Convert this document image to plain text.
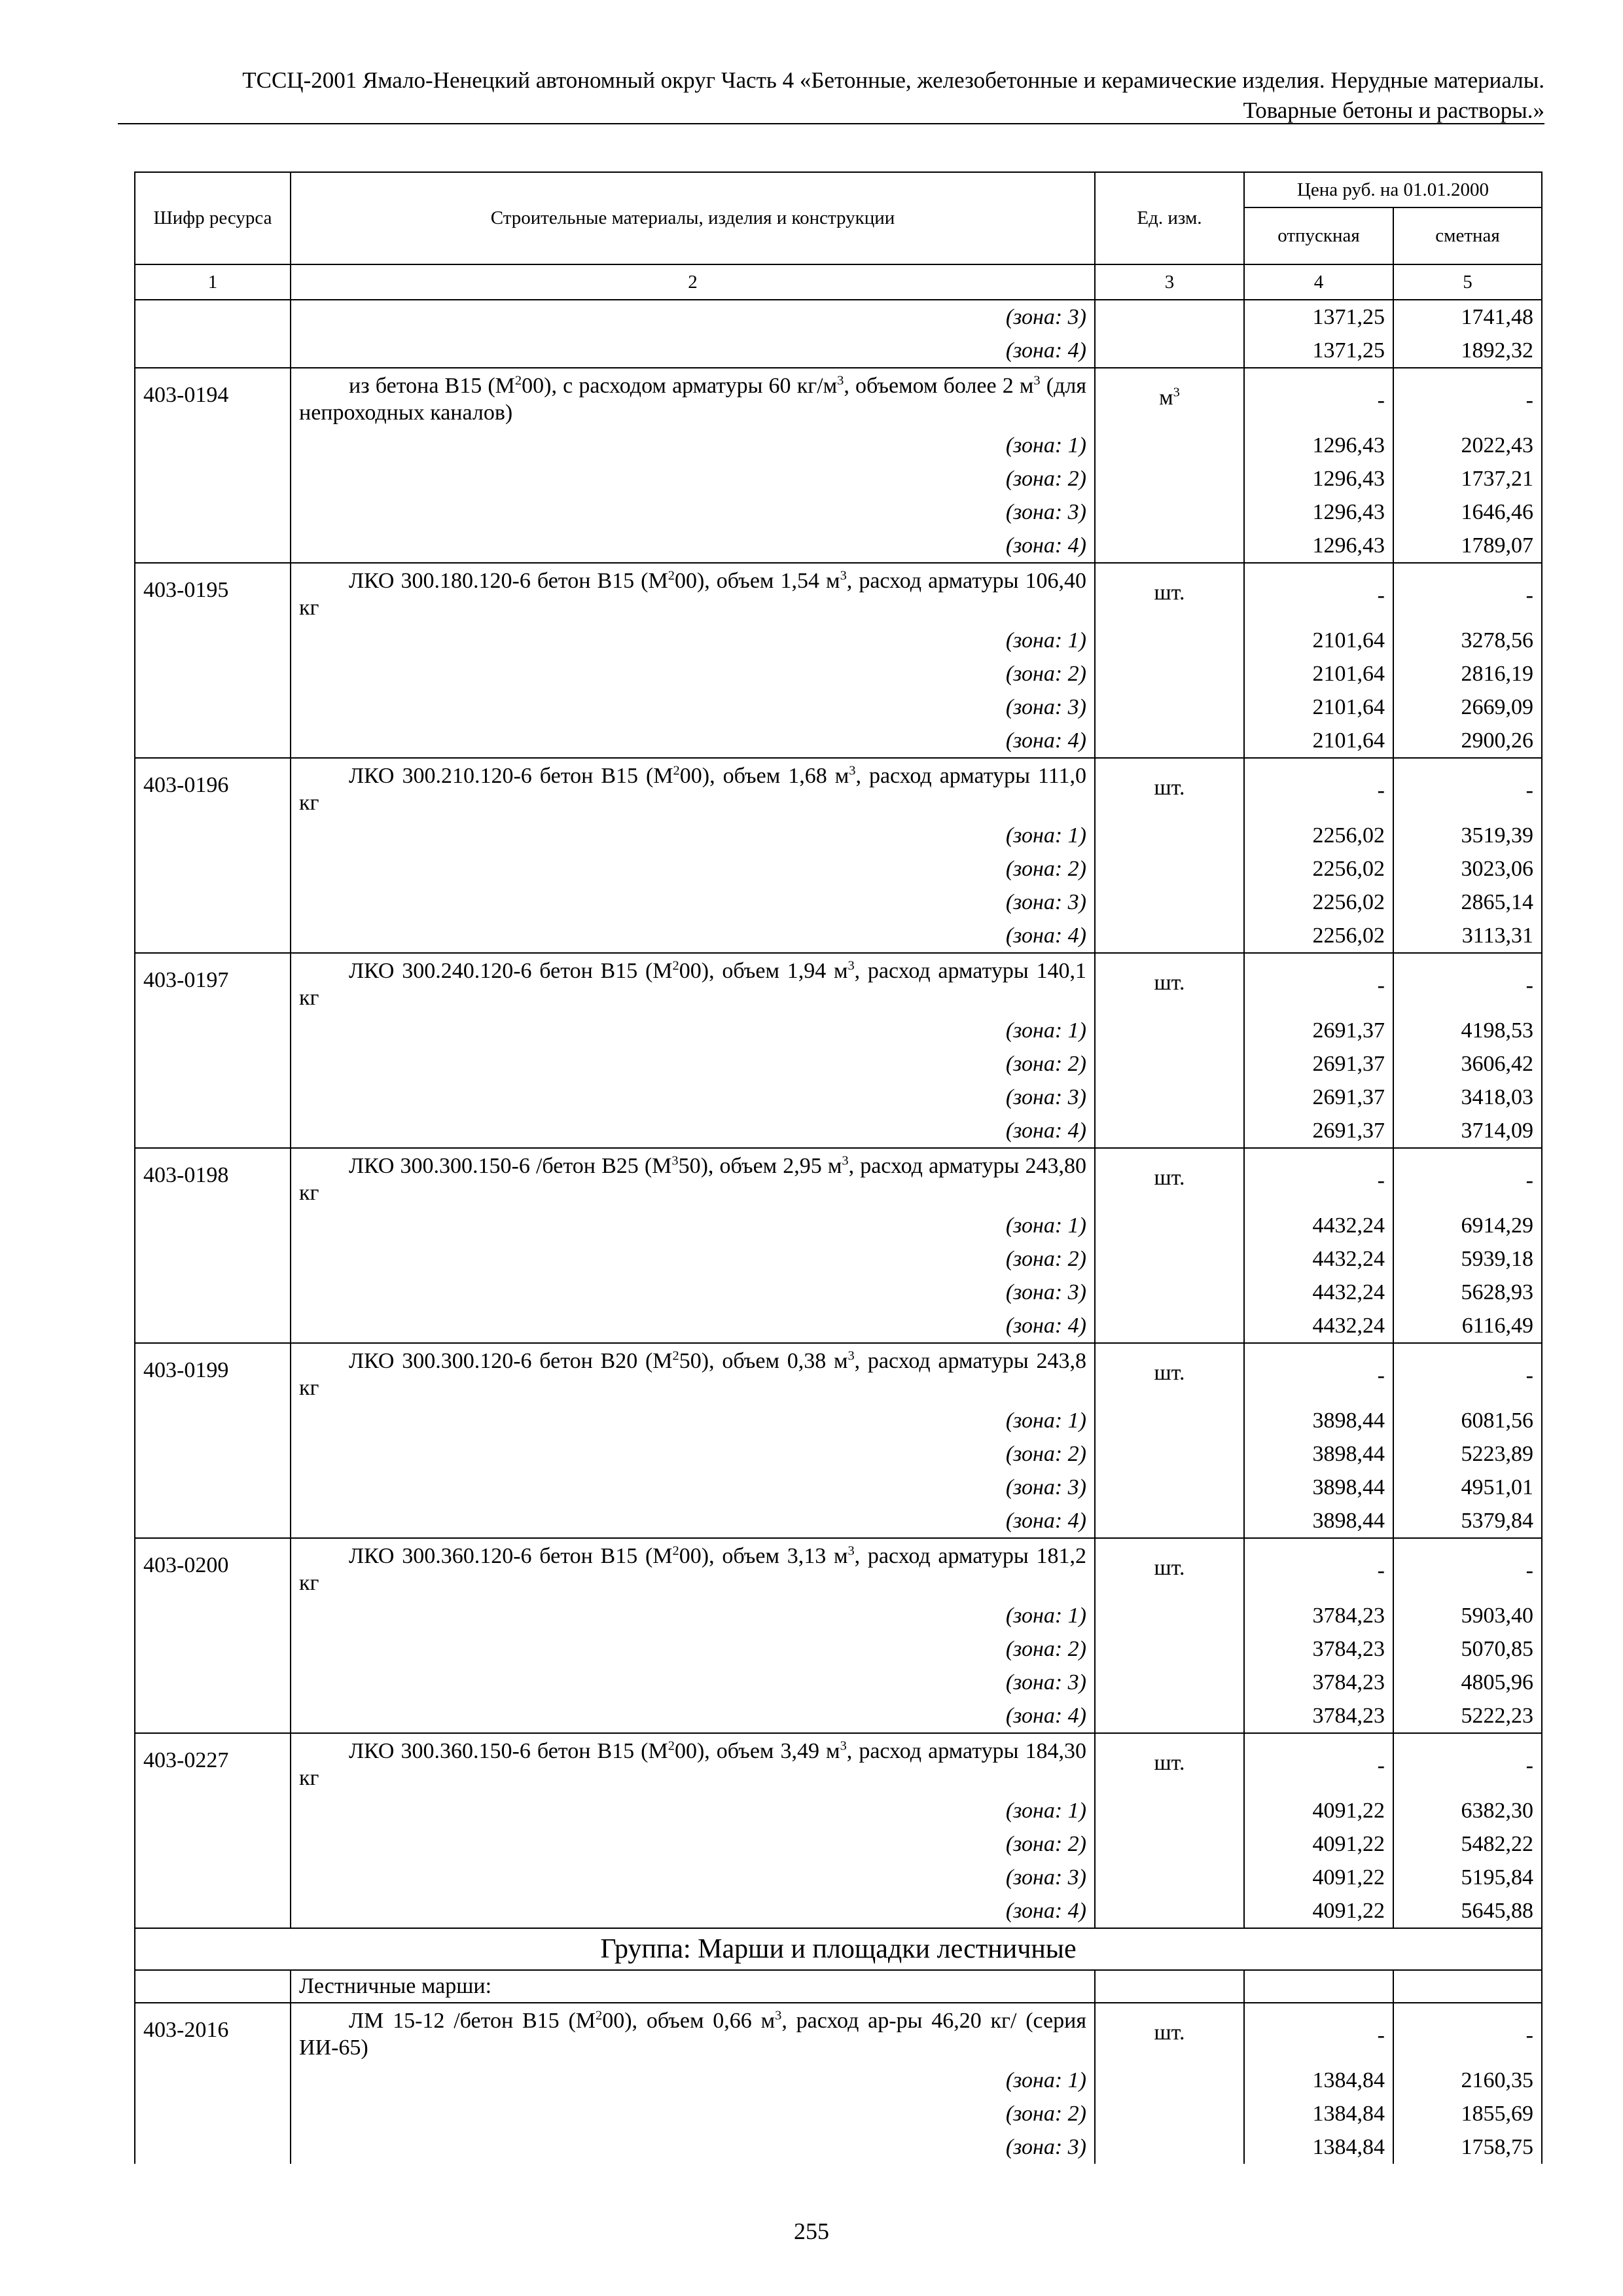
ТССЦ-2001 Ямало-Ненецкий автономный округ Часть 4 «Бетонные, железобетонные и керамические изделия. Нерудные материалы.
Товарные бетоны и растворы.»
Шифр ресурса	Строительные материалы, изделия и конструкции	Ед. изм.	Цена руб. на 01.01.2000	
			отпускная	сметная
1	2	3	4	5
	(зона: 3)		1371,25	1741,48
	(зона: 4)		1371,25	1892,32
403-0194	из бетона В15 $(М^200)$, с расходом арматуры 60 $кг/м^3$, объемом более 2 $м^3$ (для непроходных каналов)	$м^3$	-	-
	(зона: 1)		1296,43	2022,43
	(зона: 2)		1296,43	1737,21
	(зона: 3)		1296,43	1646,46
	(зона: 4)		1296,43	1789,07
403-0195	ЛКО 300.180.120-6 бетон В15 $(М^200)$, объем 1,54 $м^3$, расход арматуры 106,40 кг	шт.	-	-
	(зона: 1)		2101,64	3278,56
	(зона: 2)		2101,64	2816,19
	(зона: 3)		2101,64	2669,09
	(зона: 4)		2101,64	2900,26
403-0196	ЛКО 300.210.120-6 бетон В15 $(М^200)$, объем 1,68 $м^3$, расход арматуры 111,0 кг	шт.	-	-
	(зона: 1)		2256,02	3519,39
	(зона: 2)		2256,02	3023,06
	(зона: 3)		2256,02	2865,14
	(зона: 4)		2256,02	3113,31
403-0197	ЛКО 300.240.120-6 бетон В15 $(М^200)$, объем 1,94 $м^3$, расход арматуры 140,1 кг	шт.	-	-
	(зона: 1)		2691,37	4198,53
	(зона: 2)		2691,37	3606,42
	(зона: 3)		2691,37	3418,03
	(зона: 4)		2691,37	3714,09
403-0198	ЛКО 300.300.150-6 /бетон В25 $(М^350)$, объем 2,95 $м^3$, расход арматуры 243,80 кг	шт.	-	-
	(зона: 1)		4432,24	6914,29
	(зона: 2)		4432,24	5939,18
	(зона: 3)		4432,24	5628,93
	(зона: 4)		4432,24	6116,49
403-0199	ЛКО 300.300.120-6 бетон В20 $(М^250)$, объем 0,38 $м^3$, расход арматуры 243,8 кг	шт.	-	-
	(зона: 1)		3898,44	6081,56
	(зона: 2)		3898,44	5223,89
	(зона: 3)		3898,44	4951,01
	(зона: 4)		3898,44	5379,84
403-0200	ЛКО 300.360.120-6 бетон В15 $(М^200)$, объем 3,13 $м^3$, расход арматуры 181,2 кг	шт.	-	-
	(зона: 1)		3784,23	5903,40
	(зона: 2)		3784,23	5070,85
	(зона: 3)		3784,23	4805,96
	(зона: 4)		3784,23	5222,23
403-0227	ЛКО 300.360.150-6 бетон В15 $(М^200)$, объем 3,49 $м^3$, расход арматуры 184,30 кг	шт.	-	-
	(зона: 1)		4091,22	6382,30
	(зона: 2)		4091,22	5482,22
	(зона: 3)		4091,22	5195,84
	(зона: 4)		4091,22	5645,88
Группа: Марши и площадки лестничные				
	Лестничные марши:			
403-2016	ЛМ 15-12 /бетон В15 $(М^200)$, объем 0,66 $м^3$, расход ар-ры 46,20 кг/ (серия ИИ-65)	шт.	-	-
	(зона: 1)		1384,84	2160,35
	(зона: 2)		1384,84	1855,69
	(зона: 3)		1384,84	1758,75
255
